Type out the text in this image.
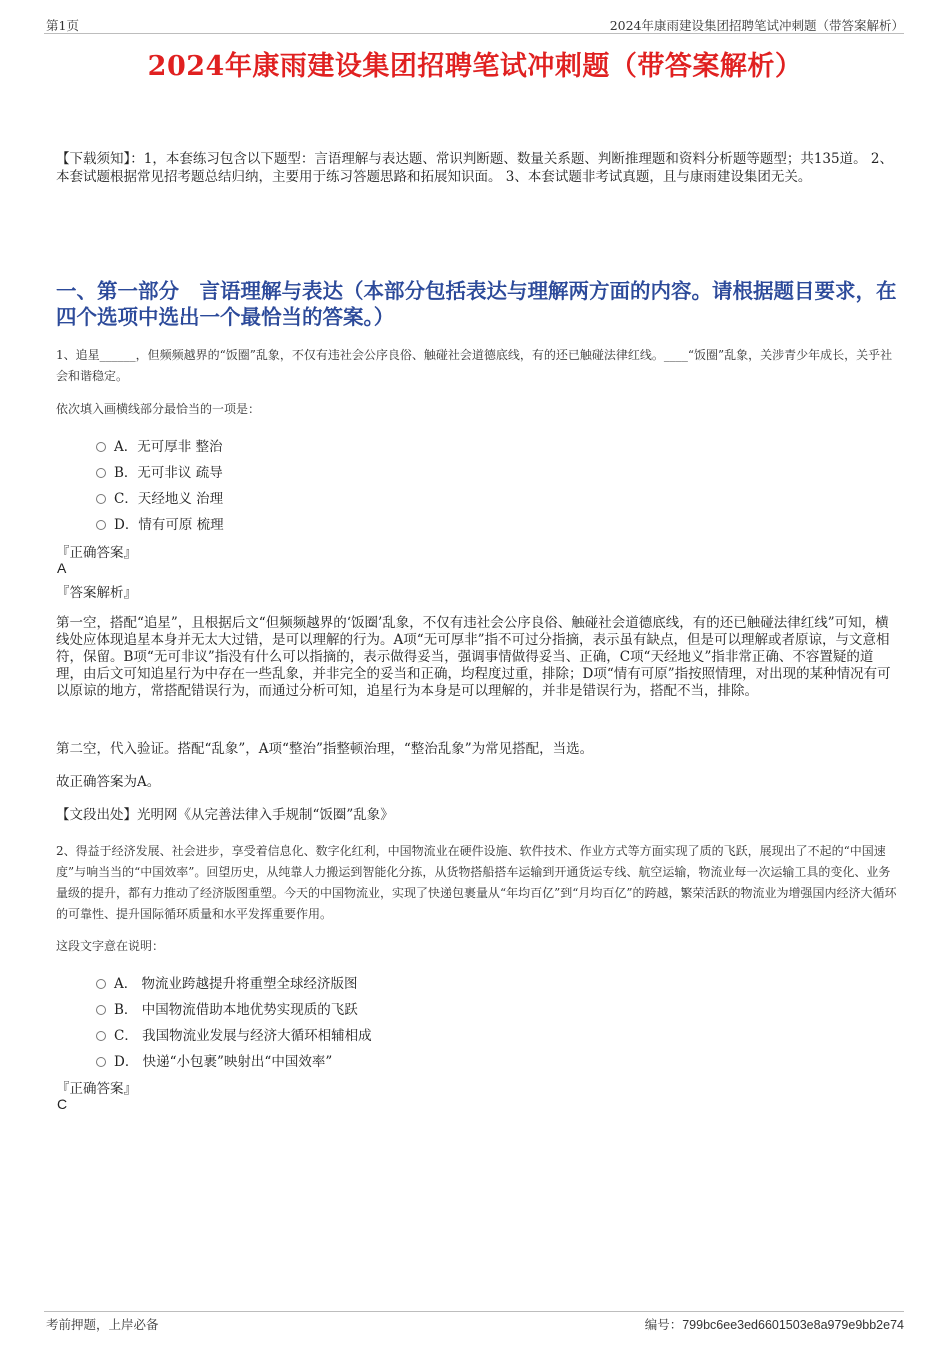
第1页	2024年康雨建设集团招聘笔试冲刺题（带答案解析）
2024年康雨建设集团招聘笔试冲刺题（带答案解析）

【下载须知】：1，本套练习包含以下题型：言语理解与表达题、常识判断题、数量关系题、判断推理题和资料分析题等题型；共135道。 2、本套试题根据常见招考题总结归纳，主要用于练习答题思路和拓展知识面。 3、本套试题非考试真题，且与康雨建设集团无关。

一、第一部分　言语理解与表达（本部分包括表达与理解两方面的内容。请根据题目要求，在四个选项中选出一个最恰当的答案。）

1、追星______，但频频越界的“饭圈”乱象，不仅有违社会公序良俗、触碰社会道德底线，有的还已触碰法律红线。____“饭圈”乱象，关涉青少年成长，关乎社会和谐稳定。

依次填入画横线部分最恰当的一项是：

A． 无可厚非 整治
B． 无可非议 疏导
C． 天经地义 治理
D． 情有可原 梳理
『正确答案』
A
『答案解析』

第一空，搭配“追星”，且根据后文“但频频越界的‘饭圈’乱象，不仅有违社会公序良俗、触碰社会道德底线，有的还已触碰法律红线”可知，横线处应体现追星本身并无太大过错，是可以理解的行为。A项“无可厚非”指不可过分指摘，表示虽有缺点，但是可以理解或者原谅，与文意相符，保留。B项“无可非议”指没有什么可以指摘的，表示做得妥当，强调事情做得妥当、正确，C项“天经地义”指非常正确、不容置疑的道理，由后文可知追星行为中存在一些乱象，并非完全的妥当和正确，均程度过重，排除；D项“情有可原”指按照情理，对出现的某种情况有可以原谅的地方，常搭配错误行为，而通过分析可知，追星行为本身是可以理解的，并非是错误行为，搭配不当，排除。

第二空，代入验证。搭配“乱象”，A项“整治”指整顿治理，“整治乱象”为常见搭配，当选。

故正确答案为A。

【文段出处】光明网《从完善法律入手规制“饭圈”乱象》

2、得益于经济发展、社会进步，享受着信息化、数字化红利，中国物流业在硬件设施、软件技术、作业方式等方面实现了质的飞跃，展现出了不起的“中国速度”与响当当的“中国效率”。回望历史，从纯靠人力搬运到智能化分拣，从货物搭船搭车运输到开通货运专线、航空运输，物流业每一次运输工具的变化、业务量级的提升，都有力推动了经济版图重塑。今天的中国物流业，实现了快递包裹量从“年均百亿”到“月均百亿”的跨越，繁荣活跃的物流业为增强国内经济大循环的可靠性、提升国际循环质量和水平发挥重要作用。

这段文字意在说明：

A．
物流业跨越提升将重塑全球经济版图
B．
中国物流借助本地优势实现质的飞跃
C．
我国物流业发展与经济大循环相辅相成
D．
快递“小包裹”映射出“中国效率”
『正确答案』
C
考前押题，上岸必备	编号：799bc6ee3ed6601503e8a979e9bb2e74
